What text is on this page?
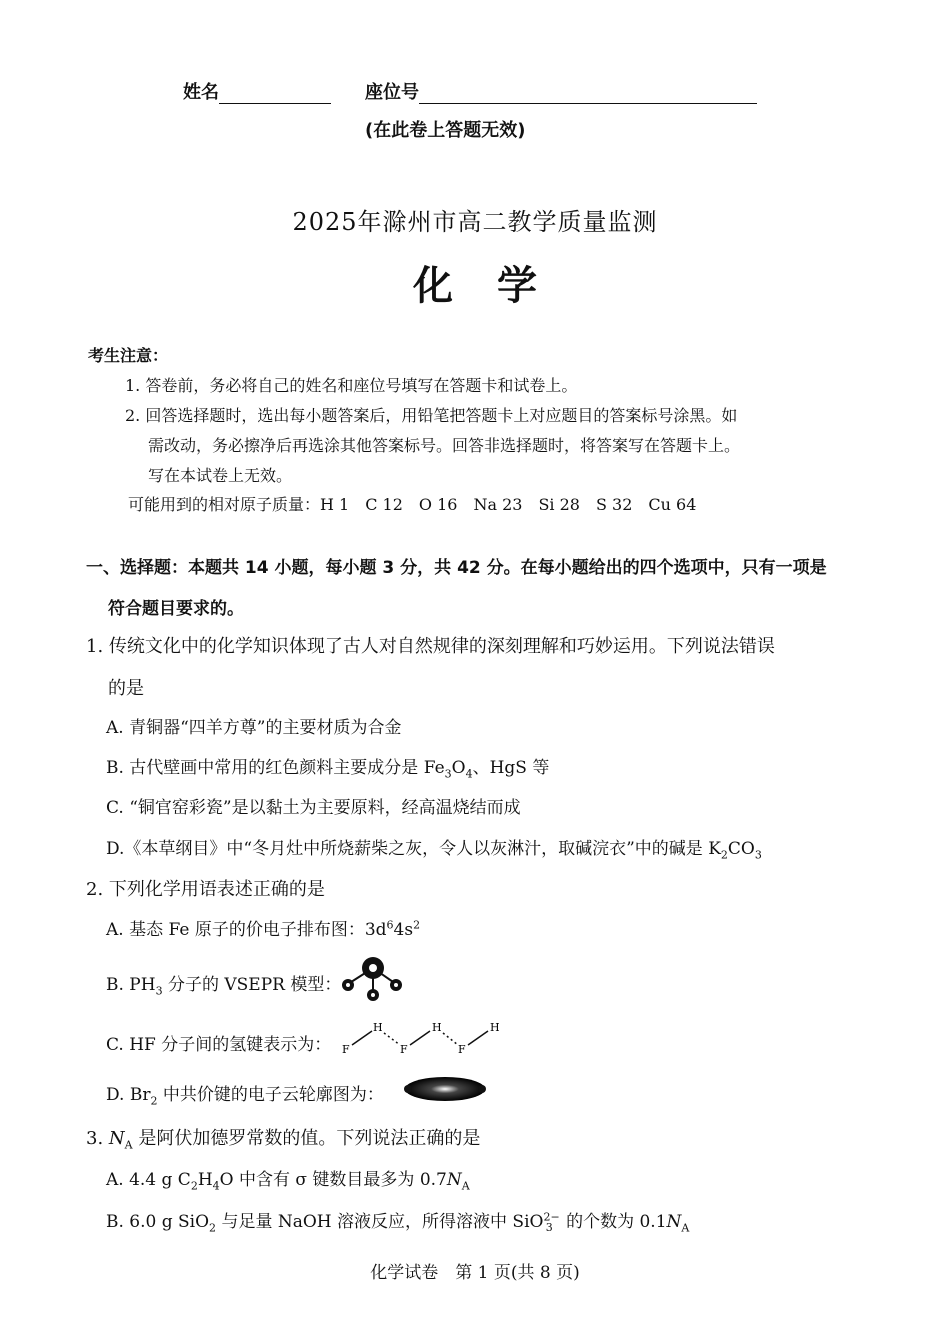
姓名	座位号
(在此卷上答题无效)
2025年滁州市高二教学质量监测
化学
考生注意：
1. 答卷前，务必将自己的姓名和座位号填写在答题卡和试卷上。
2. 回答选择题时，选出每小题答案后，用铅笔把答题卡上对应题目的答案标号涂黑。如
需改动，务必擦净后再选涂其他答案标号。回答非选择题时，将答案写在答题卡上。
写在本试卷上无效。
可能用到的相对原子质量：H 1　C 12　O 16　Na 23　Si 28　S 32　Cu 64
一、选择题：本题共 14 小题，每小题 3 分，共 42 分。在每小题给出的四个选项中，只有一项是
符合题目要求的。
1. 传统文化中的化学知识体现了古人对自然规律的深刻理解和巧妙运用。下列说法错误
的是
A. 青铜器“四羊方尊”的主要材质为合金
B. 古代壁画中常用的红色颜料主要成分是 $Fe_3O_4$、HgS 等
C. “铜官窑彩瓷”是以黏土为主要原料，经高温烧结而成
D.《本草纲目》中“冬月灶中所烧薪柴之灰，令人以灰淋汁，取碱浣衣”中的碱是 $K_2CO_3$
2. 下列化学用语表述正确的是
A. 基态 Fe 原子的价电子排布图：$3d^64s^2$
B. $PH_3$ 分子的 VSEPR 模型：
C. HF 分子间的氢键表示为： F
H
F
H
F
H
D. $Br_2$ 中共价键的电子云轮廓图为：
3. $N_A$ 是阿伏加德罗常数的值。下列说法正确的是
A. 4.4 g $C_2H_4O$ 中含有 σ 键数目最多为 $0.7N_A$
B. 6.0 g SiO$_2$ 与足量 NaOH 溶液反应，所得溶液中 SiO$^{2-}_3$ 的个数为 $0.1N_A$
化学试卷　第 1 页(共 8 页)
